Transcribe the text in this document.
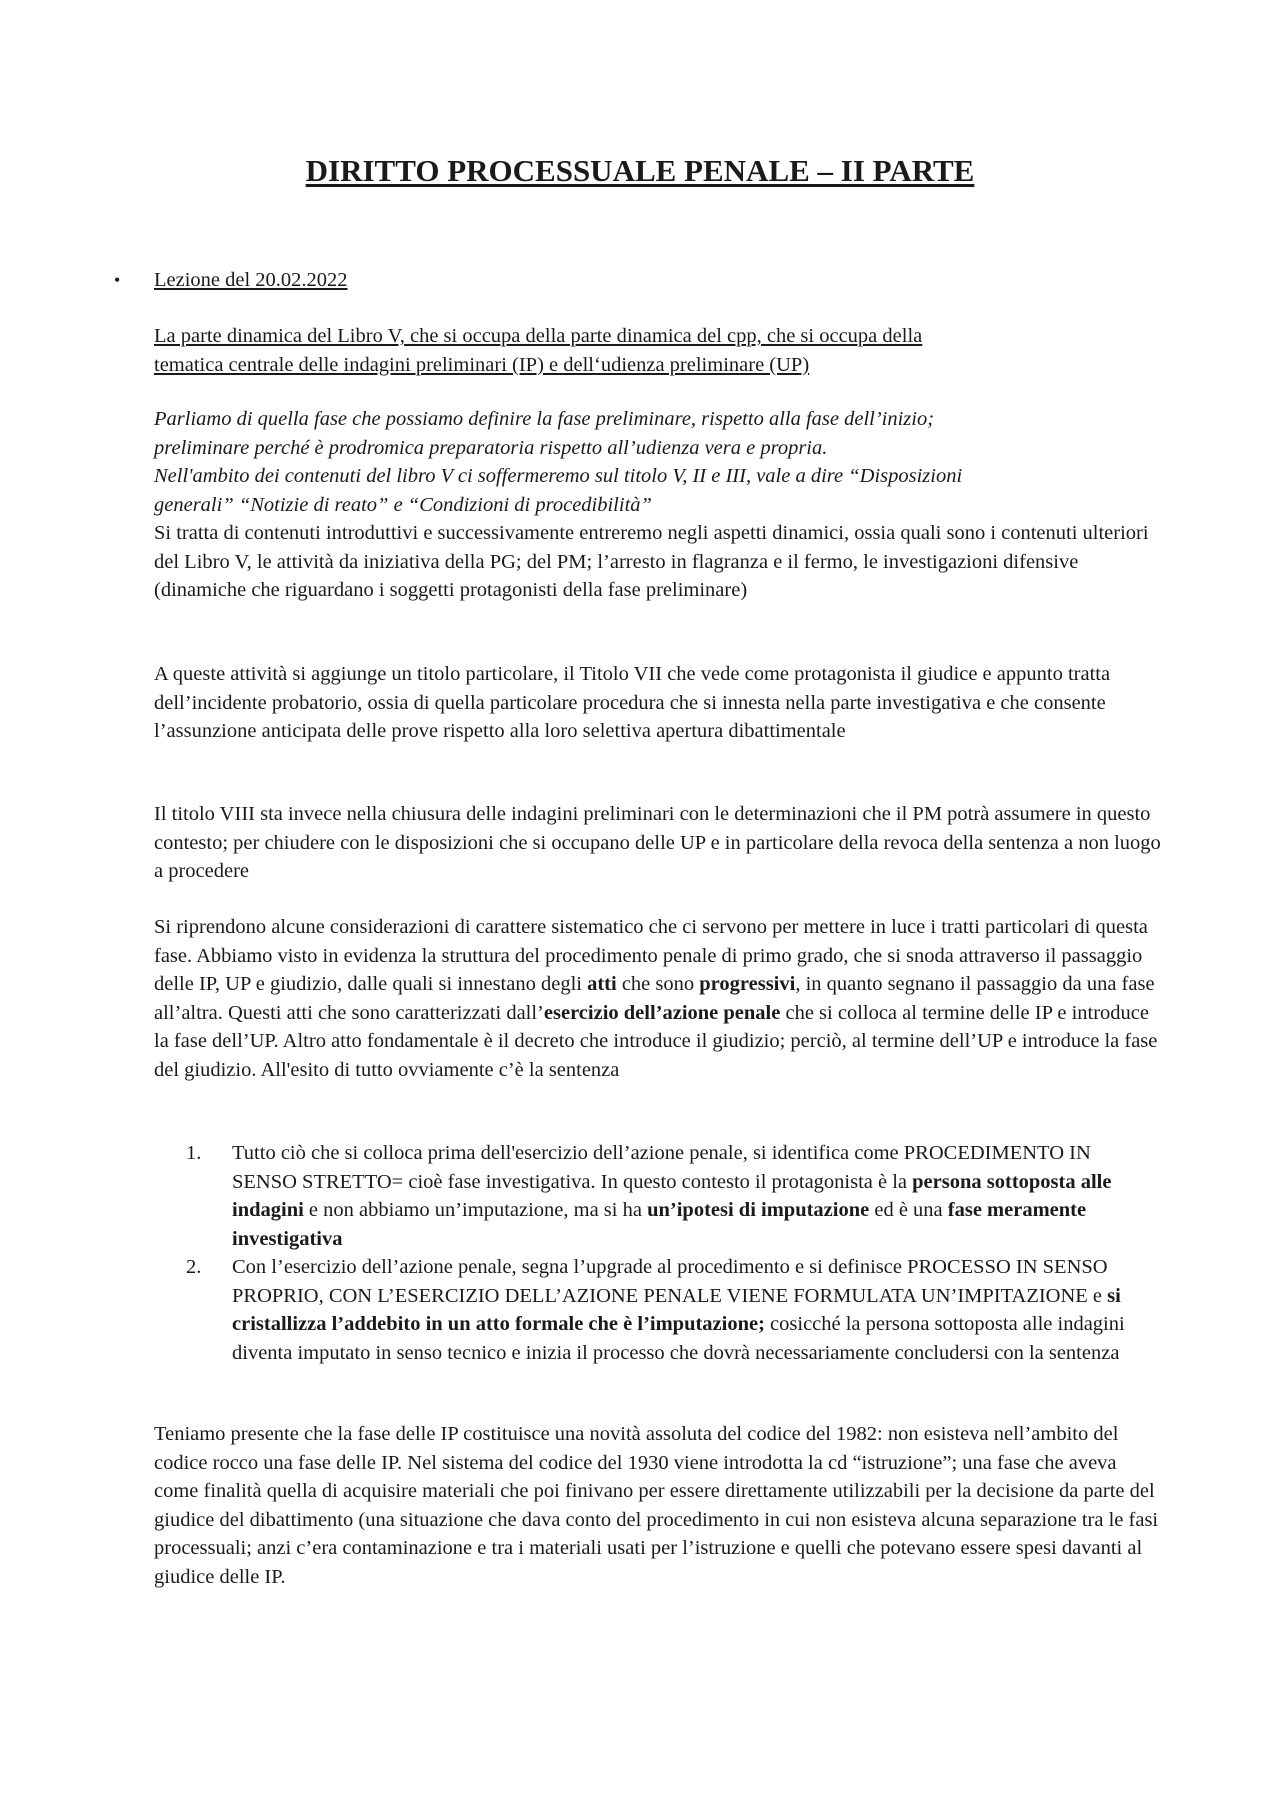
DIRITTO PROCESSUALE PENALE – II PARTE
• Lezione del 20.02.2022

La parte dinamica del Libro V, che si occupa della parte dinamica del cpp, che si occupa della

tematica centrale delle indagini preliminari (IP) e dell‘udienza preliminare (UP)

Parliamo di quella fase che possiamo definire la fase preliminare, rispetto alla fase dell’inizio;

preliminare perché è prodromica preparatoria rispetto all’udienza vera e propria.

Nell'ambito dei contenuti del libro V ci soffermeremo sul titolo V, II e III, vale a dire “Disposizioni

generali” “Notizie di reato” e “Condizioni di procedibilità”

Si tratta di contenuti introduttivi e successivamente entreremo negli aspetti dinamici, ossia quali sono i contenuti ulteriori del Libro V, le attività da iniziativa della PG; del PM; l’arresto in flagranza e il fermo, le investigazioni difensive (dinamiche che riguardano i soggetti protagonisti della fase preliminare)

A queste attività si aggiunge un titolo particolare, il Titolo VII che vede come protagonista il giudice e appunto tratta dell’incidente probatorio, ossia di quella particolare procedura che si innesta nella parte investigativa e che consente l’assunzione anticipata delle prove rispetto alla loro selettiva apertura dibattimentale

Il titolo VIII sta invece nella chiusura delle indagini preliminari con le determinazioni che il PM potrà assumere in questo contesto; per chiudere con le disposizioni che si occupano delle UP e in particolare della revoca della sentenza a non luogo a procedere

Si riprendono alcune considerazioni di carattere sistematico che ci servono per mettere in luce i tratti particolari di questa fase. Abbiamo visto in evidenza la struttura del procedimento penale di primo grado, che si snoda attraverso il passaggio delle IP, UP e giudizio, dalle quali si innestano degli atti che sono progressivi, in quanto segnano il passaggio da una fase all’altra. Questi atti che sono caratterizzati dall’esercizio dell’azione penale che si colloca al termine delle IP e introduce la fase dell’UP. Altro atto fondamentale è il decreto che introduce il giudizio; perciò, al termine dell’UP e introduce la fase del giudizio. All'esito di tutto ovviamente c’è la sentenza

1.	Tutto ciò che si colloca prima dell'esercizio dell’azione penale, si identifica come PROCEDIMENTO IN SENSO STRETTO= cioè fase investigativa. In questo contesto il protagonista è la persona sottoposta alle indagini e non abbiamo un’imputazione, ma si ha un’ipotesi di imputazione ed è una fase meramente investigativa
2.	Con l’esercizio dell’azione penale, segna l’upgrade al procedimento e si definisce PROCESSO IN SENSO PROPRIO, CON L’ESERCIZIO DELL’AZIONE PENALE VIENE FORMULATA UN’IMPITAZIONE e si cristallizza l’addebito in un atto formale che è l’imputazione; cosicché la persona sottoposta alle indagini diventa imputato in senso tecnico e inizia il processo che dovrà necessariamente concludersi con la sentenza

Teniamo presente che la fase delle IP costituisce una novità assoluta del codice del 1982: non esisteva nell’ambito del codice rocco una fase delle IP. Nel sistema del codice del 1930 viene introdotta la cd “istruzione”; una fase che aveva come finalità quella di acquisire materiali che poi finivano per essere direttamente utilizzabili per la decisione da parte del giudice del dibattimento (una situazione che dava conto del procedimento in cui non esisteva alcuna separazione tra le fasi processuali; anzi c’era contaminazione e tra i materiali usati per l’istruzione e quelli che potevano essere spesi davanti al giudice delle IP.
